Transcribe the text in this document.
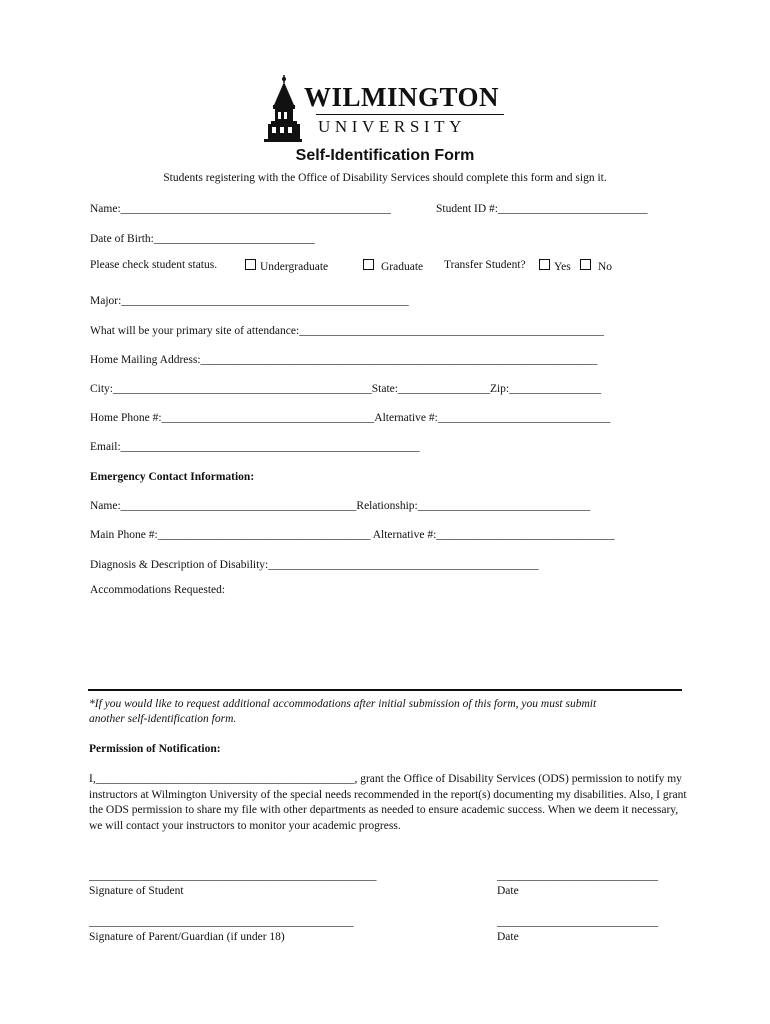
WILMINGTON
UNIVERSITY
Self-Identification Form
Students registering with the Office of Disability Services should complete this form and sign it.
Name:_______________________________________________	Student ID #:__________________________
Date of Birth:____________________________
Please check student status.	Undergraduate	Graduate Transfer Student?	Yes	No
Major:__________________________________________________
What will be your primary site of attendance:_____________________________________________________
Home Mailing Address:_____________________________________________________________________
City:_____________________________________________State:________________Zip:________________
Home Phone #:_____________________________________Alternative #:______________________________
Email:____________________________________________________
Emergency Contact Information:
Name:_________________________________________Relationship:______________________________
Main Phone #:_____________________________________ Alternative #:_______________________________
Diagnosis & Description of Disability:_______________________________________________
Accommodations Requested:
*If you would like to request additional accommodations after initial submission of this form, you must submit
another self-identification form.
Permission of Notification:
I,_____________________________________________, grant the Office of Disability Services (ODS) permission to notify my instructors at Wilmington University of the special needs recommended in the report(s) documenting my disabilities. Also, I grant the ODS permission to share my file with other departments as needed to ensure academic success. When we deem it necessary, we will contact your instructors to monitor your academic progress.
__________________________________________________	____________________________
Signature of Student	Date
______________________________________________	____________________________
Signature of Parent/Guardian (if under 18)	Date
